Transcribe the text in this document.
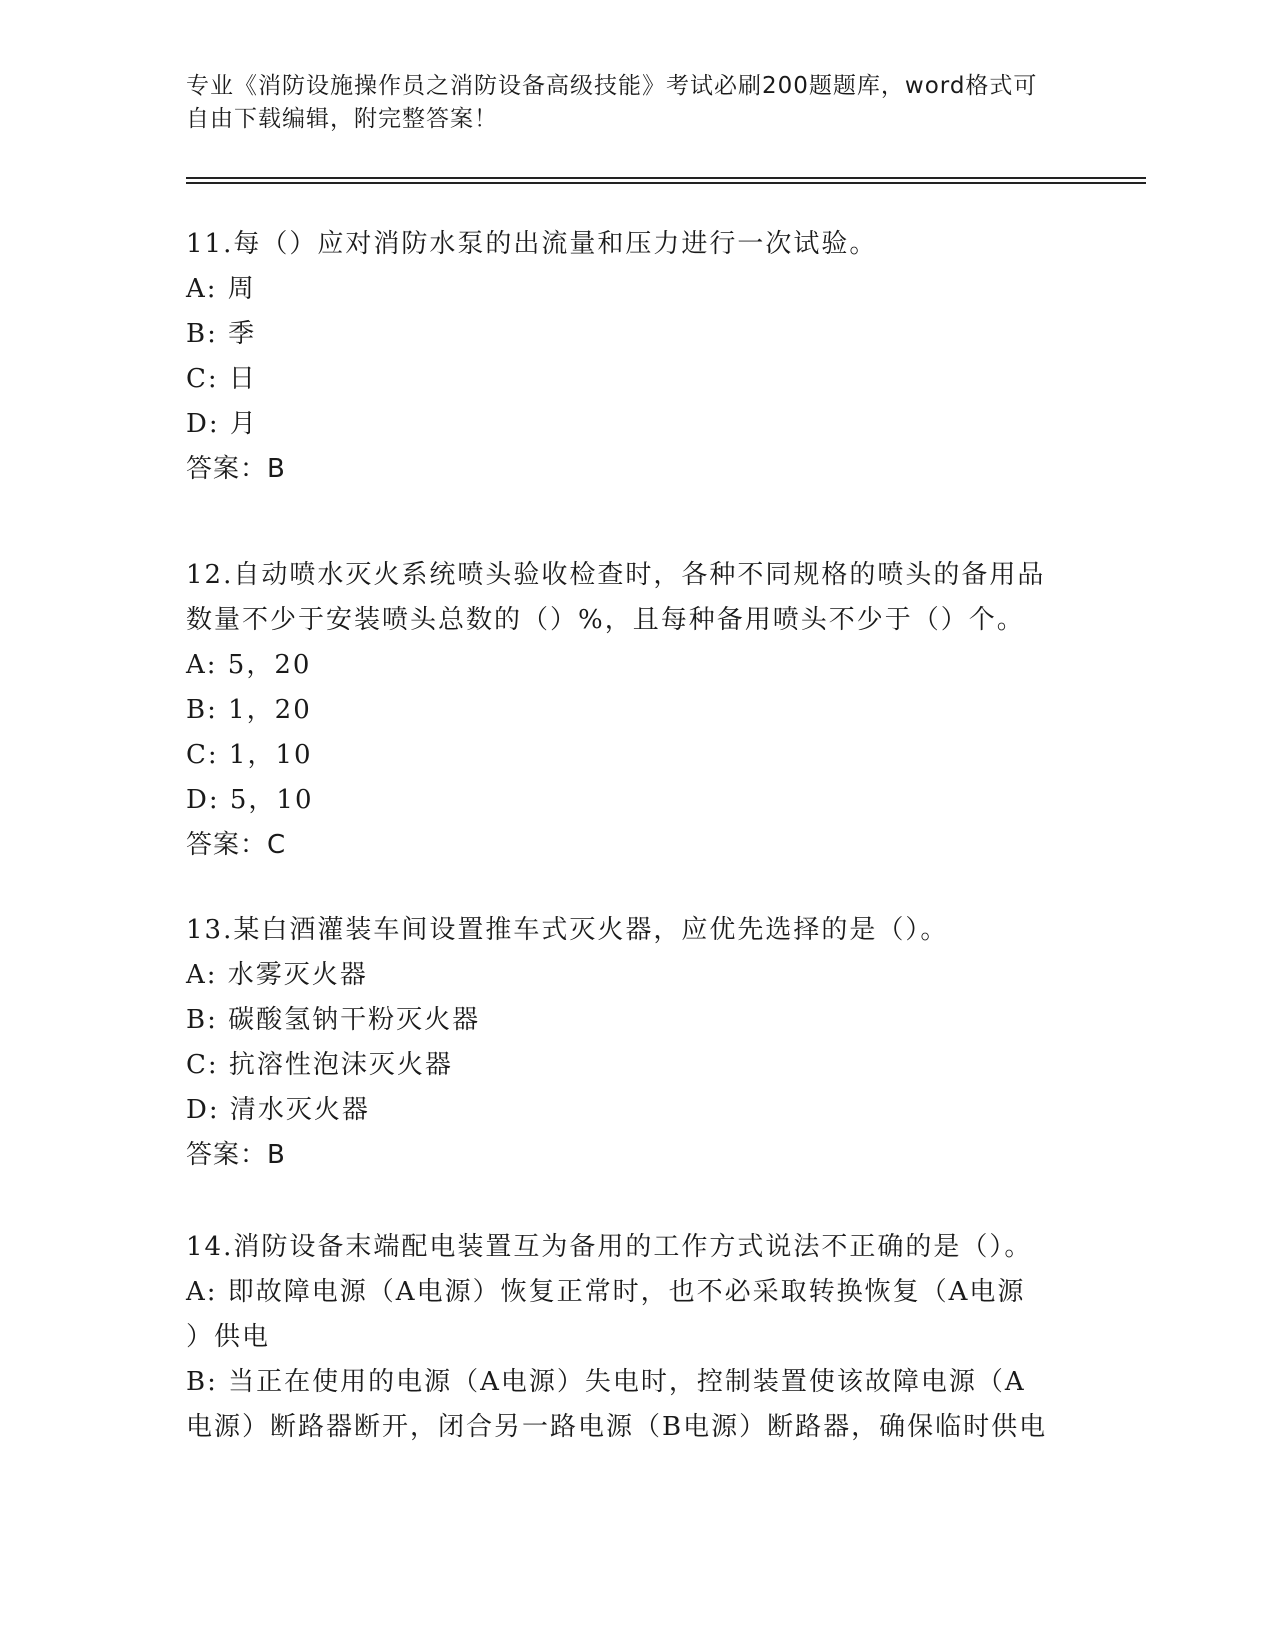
专业《消防设施操作员之消防设备高级技能》考试必刷200题题库，word格式可
自由下载编辑，附完整答案！
11.每（）应对消防水泵的出流量和压力进行一次试验。
A: 周
B: 季
C: 日
D: 月
答案：B
12.自动喷水灭火系统喷头验收检查时，各种不同规格的喷头的备用品
数量不少于安装喷头总数的（）%，且每种备用喷头不少于（）个。
A: 5，20
B: 1，20
C: 1，10
D: 5，10
答案：C
13.某白酒灌装车间设置推车式灭火器，应优先选择的是（）。
A: 水雾灭火器
B: 碳酸氢钠干粉灭火器
C: 抗溶性泡沫灭火器
D: 清水灭火器
答案：B
14.消防设备末端配电装置互为备用的工作方式说法不正确的是（）。
A: 即故障电源（A电源）恢复正常时，也不必采取转换恢复（A电源
）供电
B: 当正在使用的电源（A电源）失电时，控制装置使该故障电源（A
电源）断路器断开，闭合另一路电源（B电源）断路器，确保临时供电
